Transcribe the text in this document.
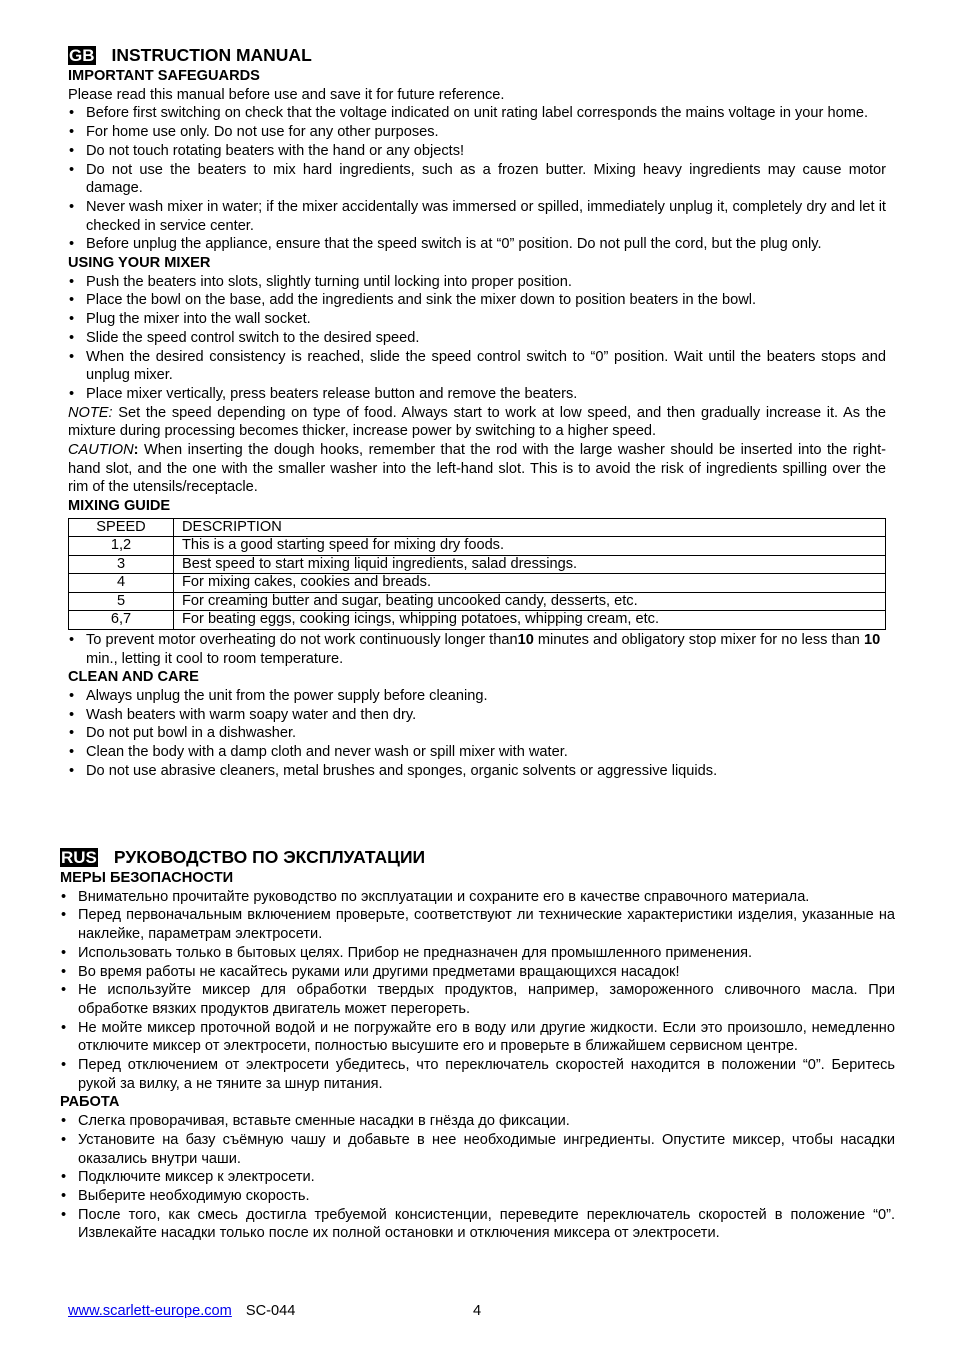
GB INSTRUCTION MANUAL
IMPORTANT SAFEGUARDS

Please read this manual before use and save it for future reference.

• Before first switching on check that the voltage indicated on unit rating label corresponds the mains voltage in your home.
• For home use only. Do not use for any other purposes.
• Do not touch rotating beaters with the hand or any objects!
• Do not use the beaters to mix hard ingredients, such as a frozen butter. Mixing heavy ingredients may cause motor damage.
• Never wash mixer in water; if the mixer accidentally was immersed or spilled, immediately unplug it, completely dry and let it checked in service center.
• Before unplug the appliance, ensure that the speed switch is at “0” position. Do not pull the cord, but the plug only.
USING YOUR MIXER
• Push the beaters into slots, slightly turning until locking into proper position.
• Place the bowl on the base, add the ingredients and sink the mixer down to position beaters in the bowl.
• Plug the mixer into the wall socket.
• Slide the speed control switch to the desired speed.
• When the desired consistency is reached, slide the speed control switch to “0” position. Wait until the beaters stops and unplug mixer.
• Place mixer vertically, press beaters release button and remove the beaters.

NOTE: Set the speed depending on type of food. Always start to work at low speed, and then gradually increase it. As the mixture during processing becomes thicker, increase power by switching to a higher speed.

CAUTION: When inserting the dough hooks, remember that the rod with the large washer should be inserted into the right-hand slot, and the one with the smaller washer into the left-hand slot. This is to avoid the risk of ingredients spilling over the rim of the utensils/receptacle.

MIXING GUIDE
SPEED	DESCRIPTION
1,2	This is a good starting speed for mixing dry foods.
3	Best speed to start mixing liquid ingredients, salad dressings.
4	For mixing cakes, cookies and breads.
5	For creaming butter and sugar, beating uncooked candy, desserts, etc.
6,7	For beating eggs, cooking icings, whipping potatoes, whipping cream, etc.
• To prevent motor overheating do not work continuously longer than10 minutes and obligatory stop mixer for no less than 10 min., letting it cool to room temperature.
CLEAN AND CARE
• Always unplug the unit from the power supply before cleaning.
• Wash beaters with warm soapy water and then dry.
• Do not put bowl in a dishwasher.
• Clean the body with a damp cloth and never wash or spill mixer with water.
• Do not use abrasive cleaners, metal brushes and sponges, organic solvents or aggressive liquids.
RUS РУКОВОДСТВО ПО ЭКСПЛУАТАЦИИ
МЕРЫ БЕЗОПАСНОСТИ
• Внимательно прочитайте руководство по эксплуатации и сохраните его в качестве справочного материала.
• Перед первоначальным включением проверьте, соответствуют ли технические характеристики изделия, указанные на наклейке, параметрам электросети.
• Использовать только в бытовых целях. Прибор не предназначен для промышленного применения.
• Во время работы не касайтесь руками или другими предметами вращающихся насадок!
• Не используйте миксер для обработки твердых продуктов, например, замороженного сливочного масла. При обработке вязких продуктов двигатель может перегореть.
• Не мойте миксер проточной водой и не погружайте его в воду или другие жидкости. Если это произошло, немедленно отключите миксер от электросети, полностью высушите его и проверьте в ближайшем сервисном центре.
• Перед отключением от электросети убедитесь, что переключатель скоростей находится в положении “0”. Беритесь рукой за вилку, а не тяните за шнур питания.
РАБОТА
• Слегка проворачивая, вставьте сменные насадки в гнёзда до фиксации.
• Установите на базу съёмную чашу и добавьте в нее необходимые ингредиенты. Опустите миксер, чтобы насадки оказались внутри чаши.
• Подключите миксер к электросети.
• Выберите необходимую скорость.
• После того, как смесь достигла требуемой консистенции, переведите переключатель скоростей в положение “0”. Извлекайте насадки только после их полной остановки и отключения миксера от электросети.
www.scarlett-europe.com SC-044	4
